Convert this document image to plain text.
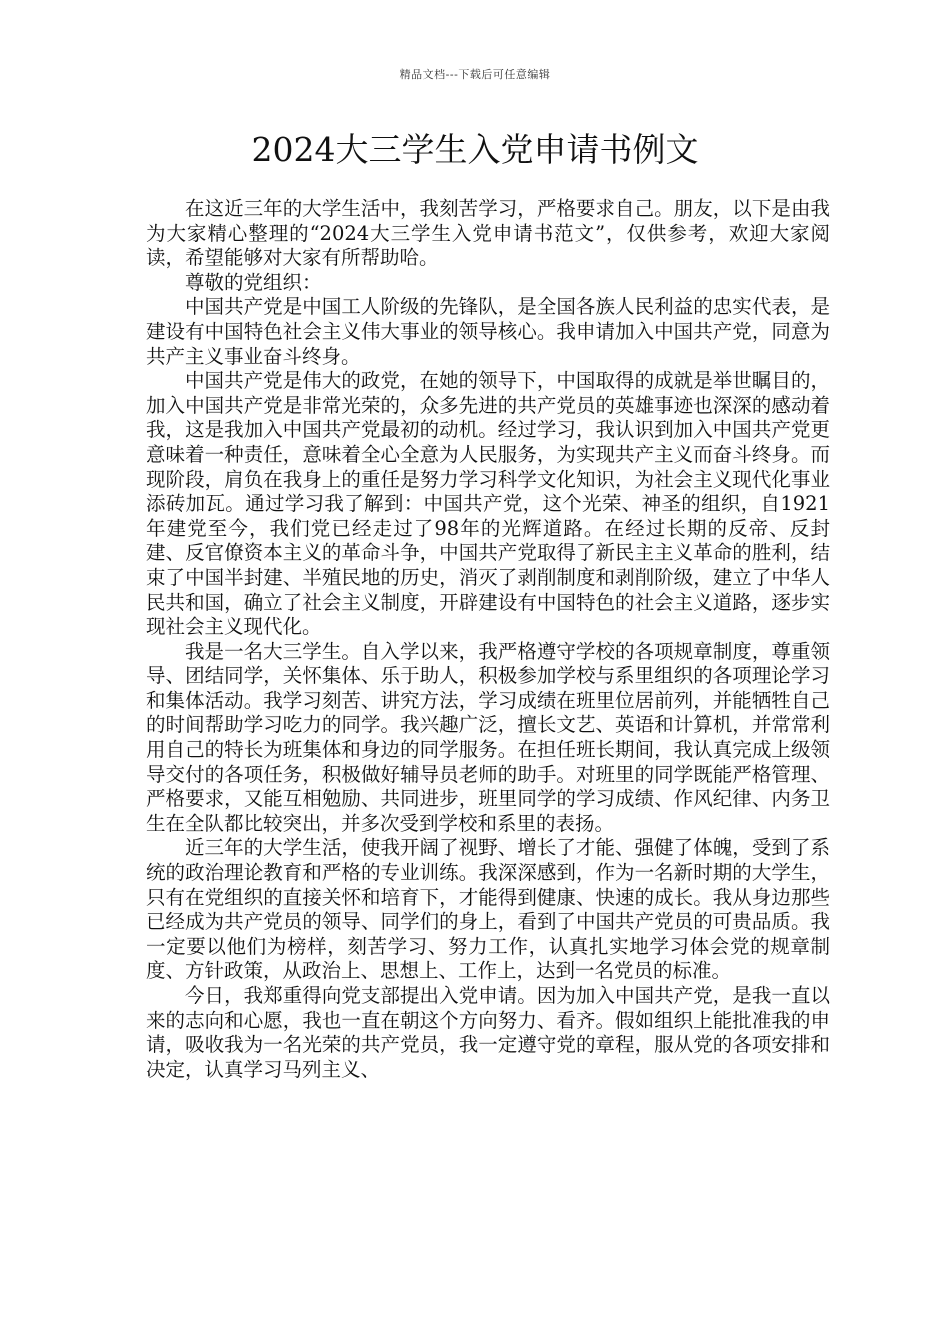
精品文档---下载后可任意编辑
2024大三学生入党申请书例文

在这近三年的大学生活中，我刻苦学习，严格要求自己。朋友，以下是由我为大家精心整理的“2024大三学生入党申请书范文”，仅供参考，欢迎大家阅读，希望能够对大家有所帮助哈。

尊敬的党组织：

中国共产党是中国工人阶级的先锋队，是全国各族人民利益的忠实代表，是建设有中国特色社会主义伟大事业的领导核心。我申请加入中国共产党，同意为共产主义事业奋斗终身。

中国共产党是伟大的政党，在她的领导下，中国取得的成就是举世瞩目的，加入中国共产党是非常光荣的，众多先进的共产党员的英雄事迹也深深的感动着我，这是我加入中国共产党最初的动机。经过学习，我认识到加入中国共产党更意味着一种责任，意味着全心全意为人民服务，为实现共产主义而奋斗终身。而现阶段，肩负在我身上的重任是努力学习科学文化知识，为社会主义现代化事业添砖加瓦。通过学习我了解到：中国共产党，这个光荣、神圣的组织，自1921年建党至今，我们党已经走过了98年的光辉道路。在经过长期的反帝、反封建、反官僚资本主义的革命斗争，中国共产党取得了新民主主义革命的胜利，结束了中国半封建、半殖民地的历史，消灭了剥削制度和剥削阶级，建立了中华人民共和国，确立了社会主义制度，开辟建设有中国特色的社会主义道路，逐步实现社会主义现代化。

我是一名大三学生。自入学以来，我严格遵守学校的各项规章制度，尊重领导、团结同学，关怀集体、乐于助人，积极参加学校与系里组织的各项理论学习和集体活动。我学习刻苦、讲究方法，学习成绩在班里位居前列，并能牺牲自己的时间帮助学习吃力的同学。我兴趣广泛，擅长文艺、英语和计算机，并常常利用自己的特长为班集体和身边的同学服务。在担任班长期间，我认真完成上级领导交付的各项任务，积极做好辅导员老师的助手。对班里的同学既能严格管理、严格要求，又能互相勉励、共同进步，班里同学的学习成绩、作风纪律、内务卫生在全队都比较突出，并多次受到学校和系里的表扬。

近三年的大学生活，使我开阔了视野、增长了才能、强健了体魄，受到了系统的政治理论教育和严格的专业训练。我深深感到，作为一名新时期的大学生，只有在党组织的直接关怀和培育下，才能得到健康、快速的成长。我从身边那些已经成为共产党员的领导、同学们的身上，看到了中国共产党员的可贵品质。我一定要以他们为榜样，刻苦学习、努力工作，认真扎实地学习体会党的规章制度、方针政策，从政治上、思想上、工作上，达到一名党员的标准。

今日，我郑重得向党支部提出入党申请。因为加入中国共产党，是我一直以来的志向和心愿，我也一直在朝这个方向努力、看齐。假如组织上能批准我的申请，吸收我为一名光荣的共产党员，我一定遵守党的章程，服从党的各项安排和决定，认真学习马列主义、
